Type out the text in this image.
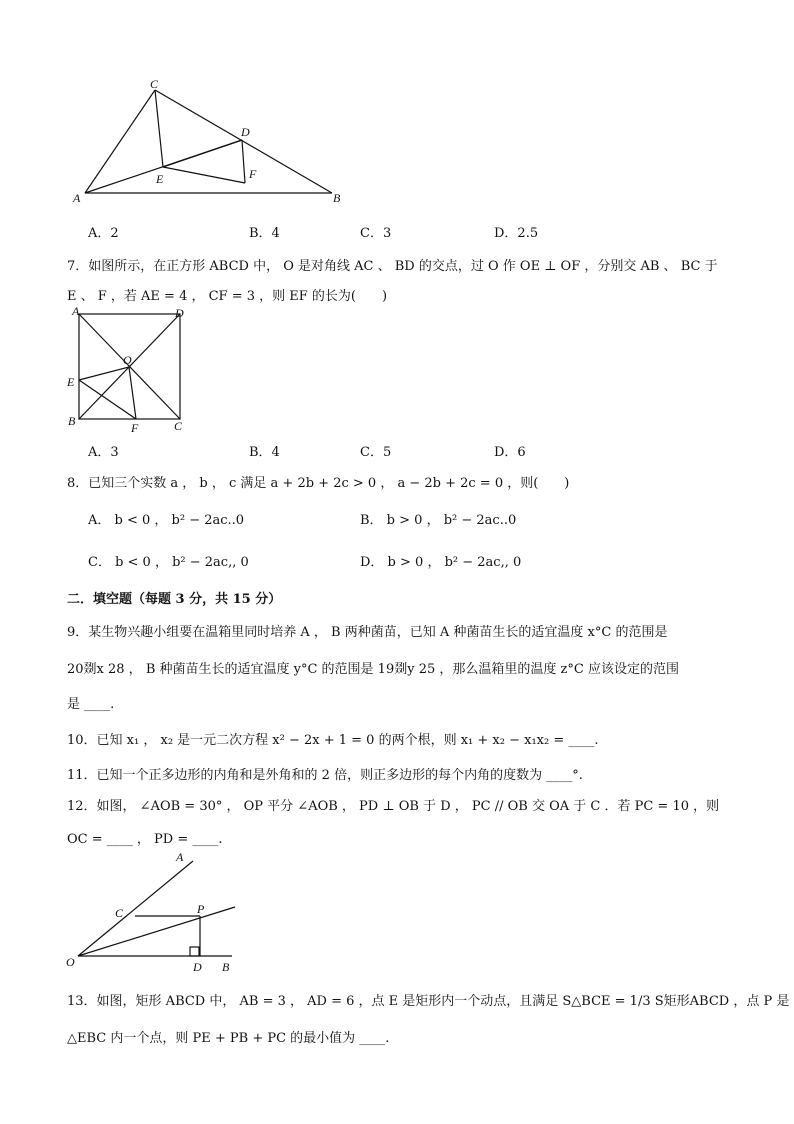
C
D
E	F
A	B
A．2	B．4	C．3	D．2.5
7．如图所示，在正方形 ABCD 中， O 是对角线 AC 、 BD 的交点，过 O 作 OE ⊥ OF ，分别交 AB 、 BC 于
E 、 F ，若 AE = 4 ， CF = 3 ，则 EF 的长为(　　)
A	D
O
E
B	F	C
A．3	B．4	C．5	D．6
8．已知三个实数 a ， b ， c 满足 a + 2b + 2c > 0 ， a − 2b + 2c = 0 ，则(　　)
A． b < 0 ， b² − 2ac..0	B． b > 0 ， b² − 2ac..0
C． b < 0 ， b² − 2ac,, 0	D． b > 0 ， b² − 2ac,, 0
二．填空题（每题 3 分，共 15 分）
9．某生物兴趣小组要在温箱里同时培养 A ， B 两种菌苗，已知 A 种菌苗生长的适宜温度 x°C 的范围是
20剟x 28 ， B 种菌苗生长的适宜温度 y°C 的范围是 19剟y 25 ，那么温箱里的温度 z°C 应该设定的范围
是 ____.
10．已知 x₁ ， x₂ 是一元二次方程 x² − 2x + 1 = 0 的两个根，则 x₁ + x₂ − x₁x₂ = ____.
11．已知一个正多边形的内角和是外角和的 2 倍，则正多边形的每个内角的度数为 ____°.
12．如图， ∠AOB = 30° ， OP 平分 ∠AOB ， PD ⊥ OB 于 D ， PC // OB 交 OA 于 C ．若 PC = 10 ，则
OC = ____ ， PD = ____.
A
C	P
O	D B
13．如图，矩形 ABCD 中， AB = 3 ， AD = 6 ，点 E 是矩形内一个动点，且满足 S△BCE = 1/3 S矩形ABCD ，点 P 是
△EBC 内一个点，则 PE + PB + PC 的最小值为 ____.
